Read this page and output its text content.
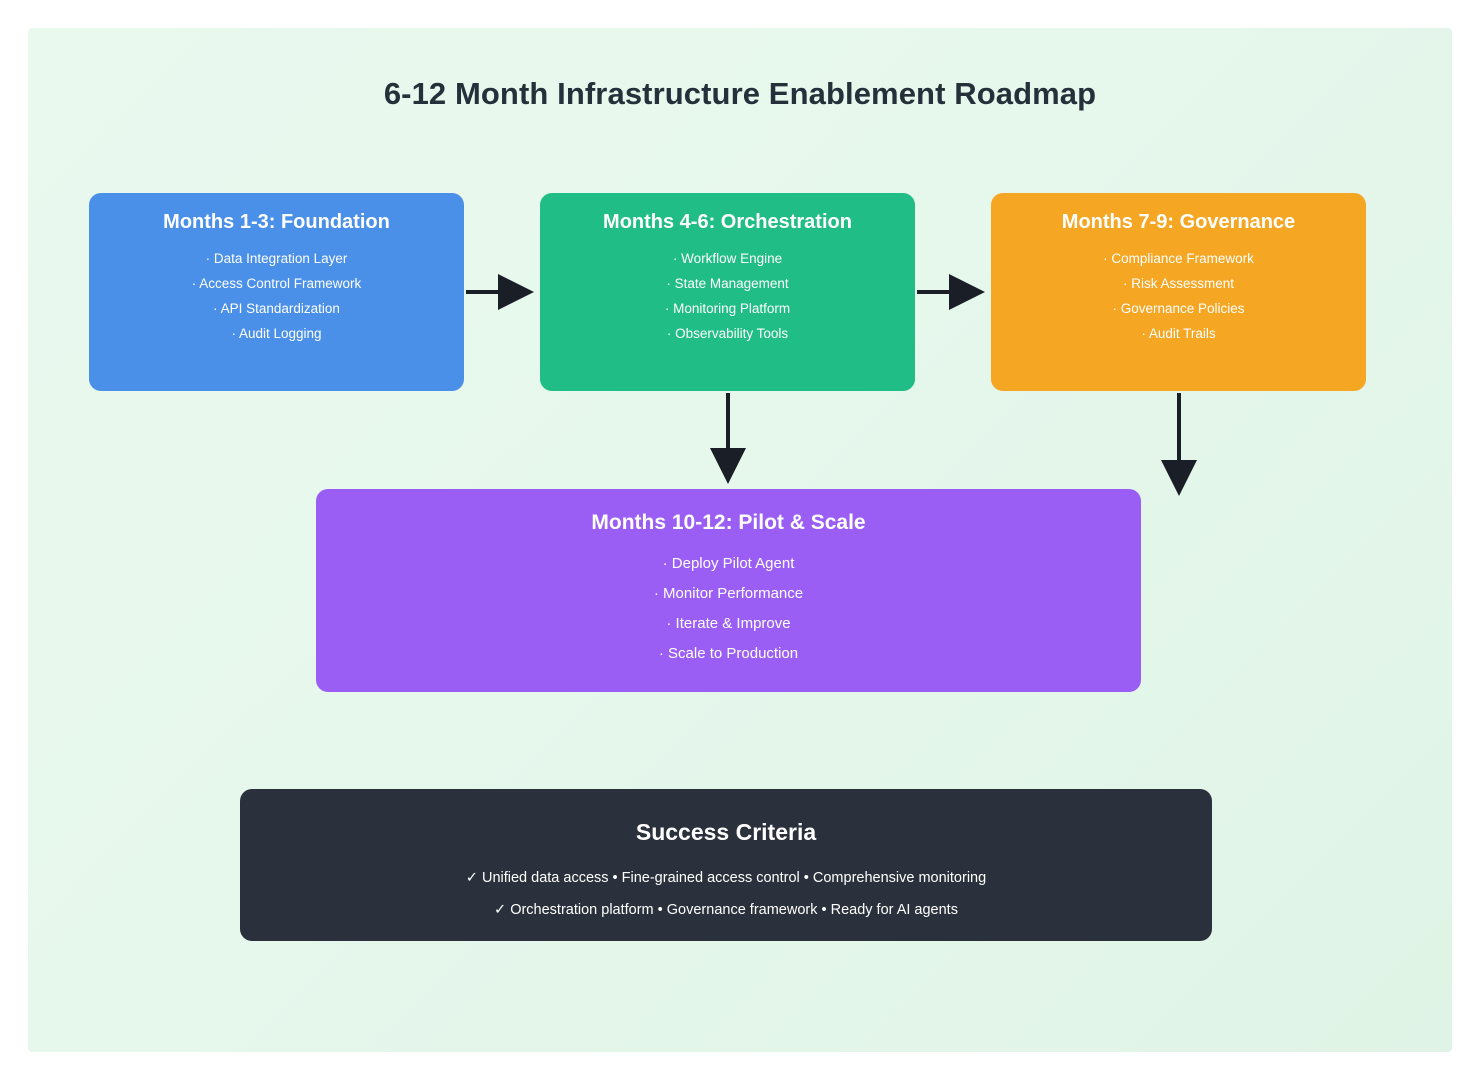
6-12 Month Infrastructure Enablement Roadmap
Months 1-3: Foundation
· Data Integration Layer
· Access Control Framework
· API Standardization
· Audit Logging
Months 4-6: Orchestration
· Workflow Engine
· State Management
· Monitoring Platform
· Observability Tools
Months 7-9: Governance
· Compliance Framework
· Risk Assessment
· Governance Policies
· Audit Trails
Months 10-12: Pilot & Scale
· Deploy Pilot Agent
· Monitor Performance
· Iterate & Improve
· Scale to Production
Success Criteria
✓ Unified data access • Fine-grained access control • Comprehensive monitoring
✓ Orchestration platform • Governance framework • Ready for AI agents
